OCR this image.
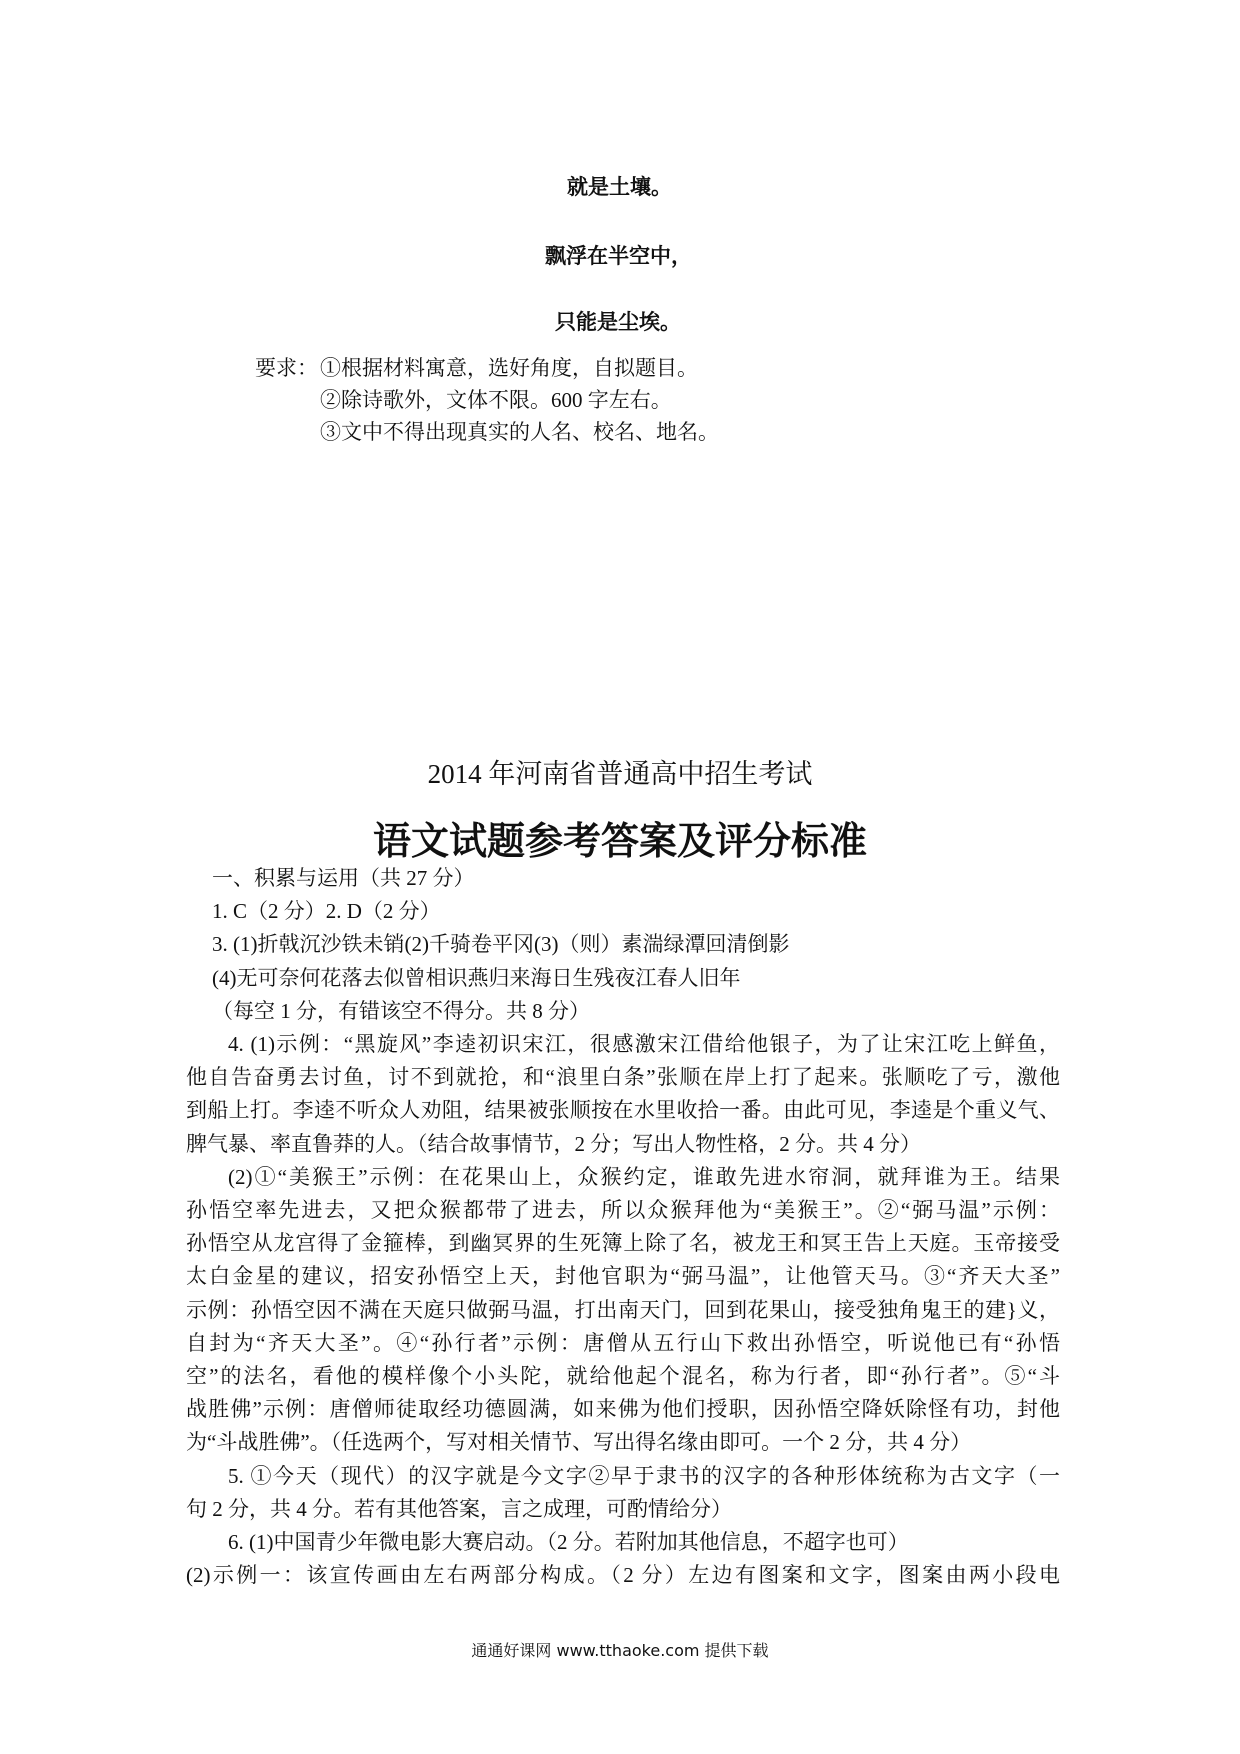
就是土壤。
飘浮在半空中，
只能是尘埃。
要求： ①根据材料寓意，选好角度，自拟题目。
②除诗歌外，文体不限。600 字左右。
③文中不得出现真实的人名、校名、地名。
2014 年河南省普通高中招生考试
语文试题参考答案及评分标准
一、积累与运用（共 27 分）
1. C（2 分）2. D（2 分）
3. (1)折戟沉沙铁未销(2)千骑卷平冈(3)（则）素湍绿潭回清倒影
(4)无可奈何花落去似曾相识燕归来海日生残夜江春人旧年
（每空 1 分，有错该空不得分。共 8 分）
4. (1)示例：“黑旋风”李逵初识宋江，很感激宋江借给他银子，为了让宋江吃上鲜鱼，
他自告奋勇去讨鱼，讨不到就抢，和“浪里白条”张顺在岸上打了起来。张顺吃了亏，激他
到船上打。李逵不听众人劝阻，结果被张顺按在水里收拾一番。由此可见，李逵是个重义气、
脾气暴、率直鲁莽的人。（结合故事情节，2 分；写出人物性格，2 分。共 4 分）
(2)①“美猴王”示例：在花果山上，众猴约定，谁敢先进水帘洞，就拜谁为王。结果
孙悟空率先进去，又把众猴都带了进去，所以众猴拜他为“美猴王”。②“弼马温”示例：
孙悟空从龙宫得了金箍棒，到幽冥界的生死簿上除了名，被龙王和冥王告上天庭。玉帝接受
太白金星的建议，招安孙悟空上天，封他官职为“弼马温”，让他管天马。③“齐天大圣”
示例：孙悟空因不满在天庭只做弼马温，打出南天门，回到花果山，接受独角鬼王的建}义，
自封为“齐天大圣”。④“孙行者”示例：唐僧从五行山下救出孙悟空，听说他已有“孙悟
空”的法名，看他的模样像个小头陀，就给他起个混名，称为行者，即“孙行者”。⑤“斗
战胜佛”示例：唐僧师徒取经功德圆满，如来佛为他们授职，因孙悟空降妖除怪有功，封他
为“斗战胜佛”。（任选两个，写对相关情节、写出得名缘由即可。一个 2 分，共 4 分）
5. ①今天（现代）的汉字就是今文字②早于隶书的汉字的各种形体统称为古文字（一
句 2 分，共 4 分。若有其他答案，言之成理，可酌情给分）
6. (1)中国青少年微电影大赛启动。（2 分。若附加其他信息，不超字也可）
(2)示例一：该宣传画由左右两部分构成。（2 分）左边有图案和文字，图案由两小段电
通通好课网 www.tthaoke.com 提供下载
